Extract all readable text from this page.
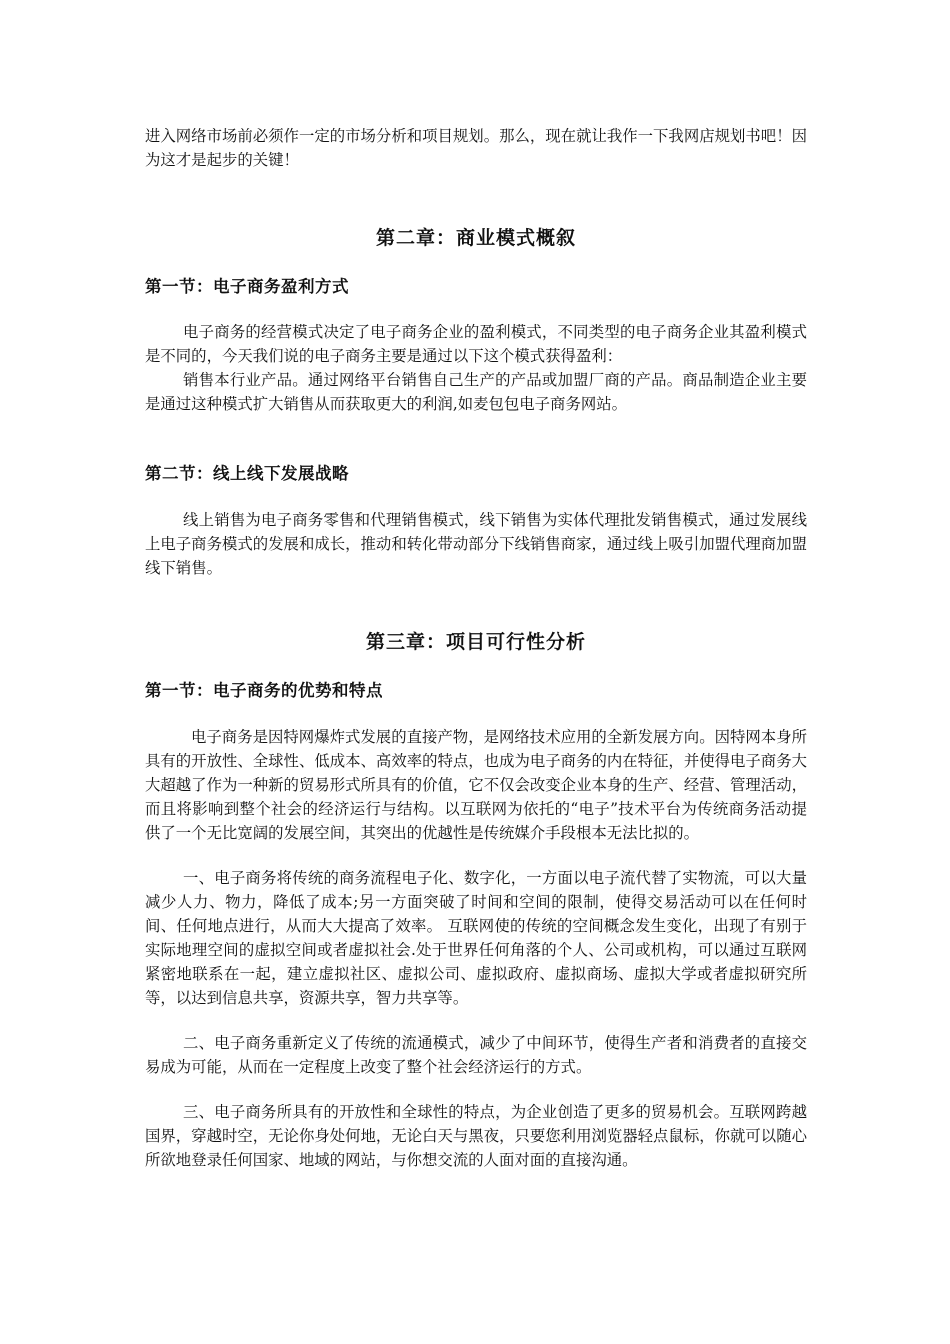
进入网络市场前必须作一定的市场分析和项目规划。那么，现在就让我作一下我网店规划书吧！因为这才是起步的关键！

第二章：商业模式概叙
第一节：电子商务盈利方式

电子商务的经营模式决定了电子商务企业的盈利模式，不同类型的电子商务企业其盈利模式是不同的，今天我们说的电子商务主要是通过以下这个模式获得盈利：

销售本行业产品。通过网络平台销售自己生产的产品或加盟厂商的产品。商品制造企业主要是通过这种模式扩大销售从而获取更大的利润,如麦包包电子商务网站。

第二节：线上线下发展战略

线上销售为电子商务零售和代理销售模式，线下销售为实体代理批发销售模式，通过发展线上电子商务模式的发展和成长，推动和转化带动部分下线销售商家，通过线上吸引加盟代理商加盟线下销售。

第三章：项目可行性分析
第一节：电子商务的优势和特点

电子商务是因特网爆炸式发展的直接产物，是网络技术应用的全新发展方向。因特网本身所具有的开放性、全球性、低成本、高效率的特点，也成为电子商务的内在特征，并使得电子商务大大超越了作为一种新的贸易形式所具有的价值，它不仅会改变企业本身的生产、经营、管理活动，而且将影响到整个社会的经济运行与结构。以互联网为依托的“电子”技术平台为传统商务活动提供了一个无比宽阔的发展空间，其突出的优越性是传统媒介手段根本无法比拟的。

一、电子商务将传统的商务流程电子化、数字化，一方面以电子流代替了实物流，可以大量减少人力、物力，降低了成本;另一方面突破了时间和空间的限制，使得交易活动可以在任何时间、任何地点进行，从而大大提高了效率。 互联网使的传统的空间概念发生变化，出现了有别于实际地理空间的虚拟空间或者虚拟社会.处于世界任何角落的个人、公司或机构，可以通过互联网紧密地联系在一起，建立虚拟社区、虚拟公司、虚拟政府、虚拟商场、虚拟大学或者虚拟研究所等，以达到信息共享，资源共享，智力共享等。

二、电子商务重新定义了传统的流通模式，减少了中间环节，使得生产者和消费者的直接交易成为可能，从而在一定程度上改变了整个社会经济运行的方式。

三、电子商务所具有的开放性和全球性的特点，为企业创造了更多的贸易机会。互联网跨越国界，穿越时空，无论你身处何地，无论白天与黑夜，只要您利用浏览器轻点鼠标，你就可以随心所欲地登录任何国家、地域的网站，与你想交流的人面对面的直接沟通。
